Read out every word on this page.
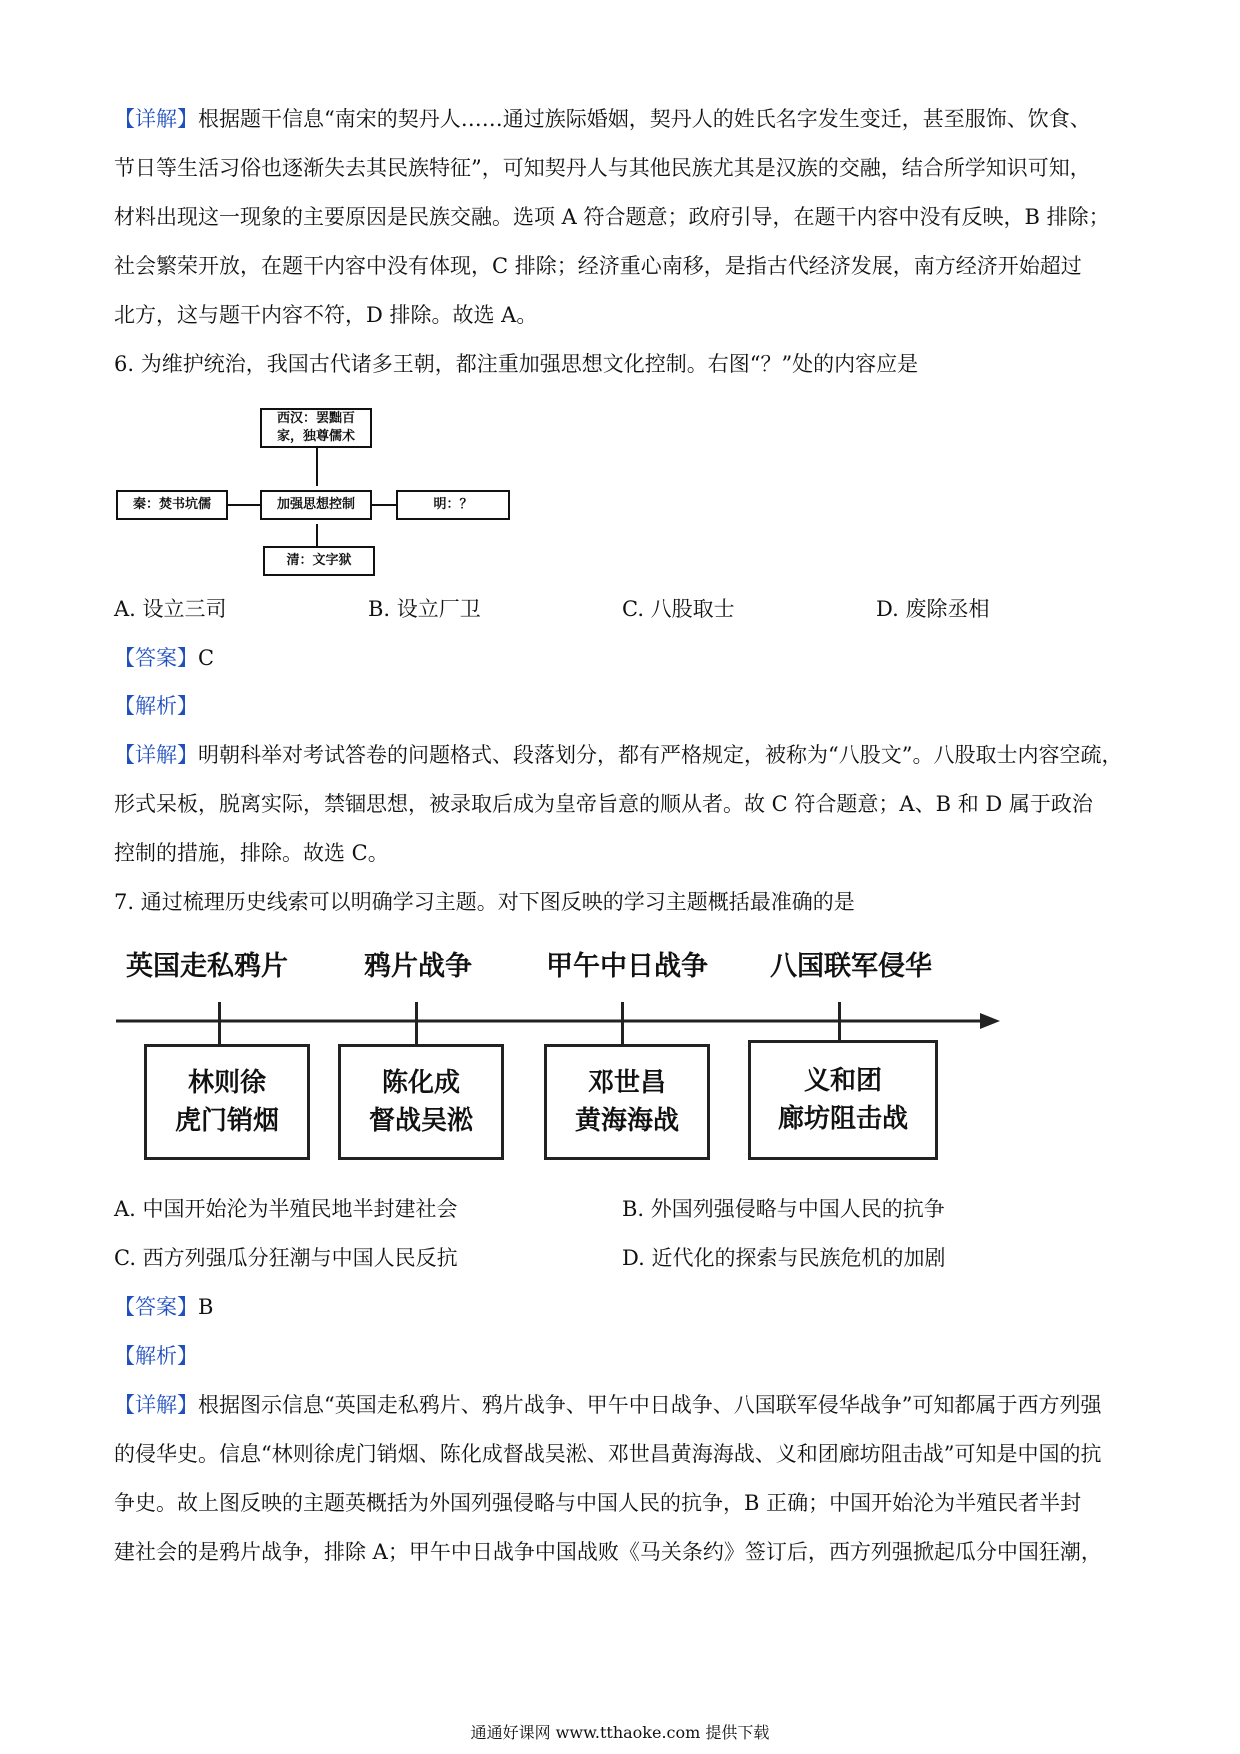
【详解】根据题干信息“南宋的契丹人……通过族际婚姻，契丹人的姓氏名字发生变迁，甚至服饰、饮食、
节日等生活习俗也逐渐失去其民族特征”，可知契丹人与其他民族尤其是汉族的交融，结合所学知识可知，
材料出现这一现象的主要原因是民族交融。选项 A 符合题意；政府引导，在题干内容中没有反映，B 排除；
社会繁荣开放，在题干内容中没有体现，C 排除；经济重心南移，是指古代经济发展，南方经济开始超过
北方，这与题干内容不符，D 排除。故选 A。
6. 为维护统治，我国古代诸多王朝，都注重加强思想文化控制。右图“？”处的内容应是
西汉：罢黜百
家，独尊儒术
秦：焚书坑儒	加强思想控制	明：？
清：文字狱
A. 设立三司	B. 设立厂卫	C. 八股取士	D. 废除丞相
【答案】C
【解析】
【详解】明朝科举对考试答卷的问题格式、段落划分，都有严格规定，被称为“八股文”。八股取士内容空疏，
形式呆板，脱离实际，禁锢思想，被录取后成为皇帝旨意的顺从者。故 C 符合题意；A、B 和 D 属于政治
控制的措施，排除。故选 C。
7. 通过梳理历史线索可以明确学习主题。对下图反映的学习主题概括最准确的是
英国走私鸦片	鸦片战争	甲午中日战争 八国联军侵华
林则徐
虎门销烟
陈化成
督战吴淞
邓世昌
黄海海战
义和团
廊坊阻击战
A. 中国开始沦为半殖民地半封建社会	B. 外国列强侵略与中国人民的抗争
C. 西方列强瓜分狂潮与中国人民反抗	D. 近代化的探索与民族危机的加剧
【答案】B
【解析】
【详解】根据图示信息“英国走私鸦片、鸦片战争、甲午中日战争、八国联军侵华战争”可知都属于西方列强
的侵华史。信息“林则徐虎门销烟、陈化成督战吴淞、邓世昌黄海海战、义和团廊坊阻击战”可知是中国的抗
争史。故上图反映的主题英概括为外国列强侵略与中国人民的抗争，B 正确；中国开始沦为半殖民者半封
建社会的是鸦片战争，排除 A；甲午中日战争中国战败《马关条约》签订后，西方列强掀起瓜分中国狂潮，
通通好课网 www.tthaoke.com 提供下载
